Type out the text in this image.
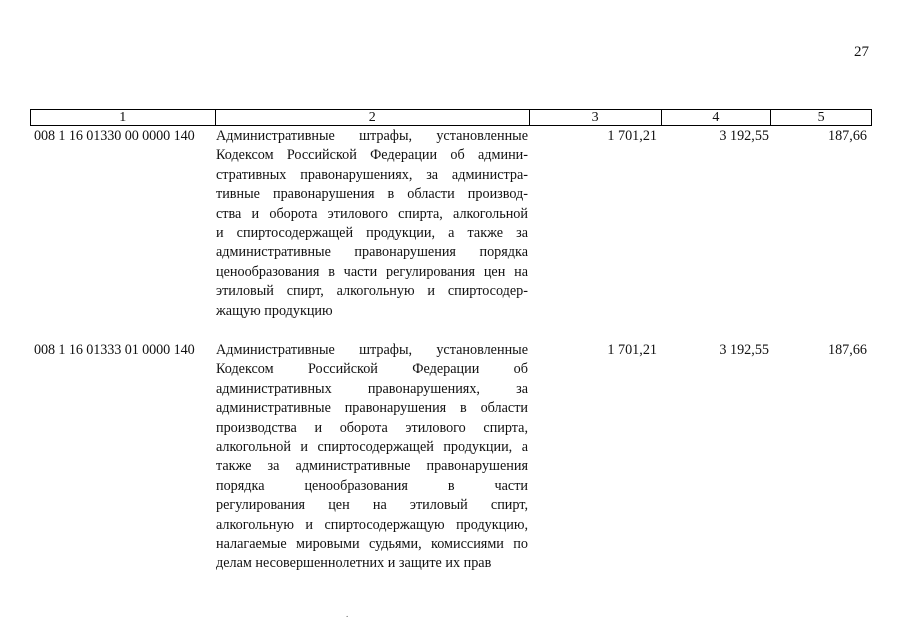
27
1	2	3	4	5
008 1 16 01330 00 0000 140 Административные штрафы, установленные
Кодексом Российской Федерации об админи-
стративных правонарушениях, за администра-
тивные правонарушения в области производ-
ства и оборота этилового спирта, алкогольной
и спиртосодержащей продукции, а также за
административные правонарушения порядка
ценообразования в части регулирования цен на
этиловый спирт, алкогольную и спиртосодер-
жащую продукцию
1 701,21	3 192,55	187,66
008 1 16 01333 01 0000 140 Административные штрафы, установленные
Кодексом Российской Федерации об
административных правонарушениях, за
административные правонарушения в области
производства и оборота этилового спирта,
алкогольной и спиртосодержащей продукции, а
также за административные правонарушения
порядка ценообразования в части
регулирования цен на этиловый спирт,
алкогольную и спиртосодержащую продукцию,
налагаемые мировыми судьями, комиссиями по
делам несовершеннолетних и защите их прав
1 701,21	3 192,55	187,66
.
